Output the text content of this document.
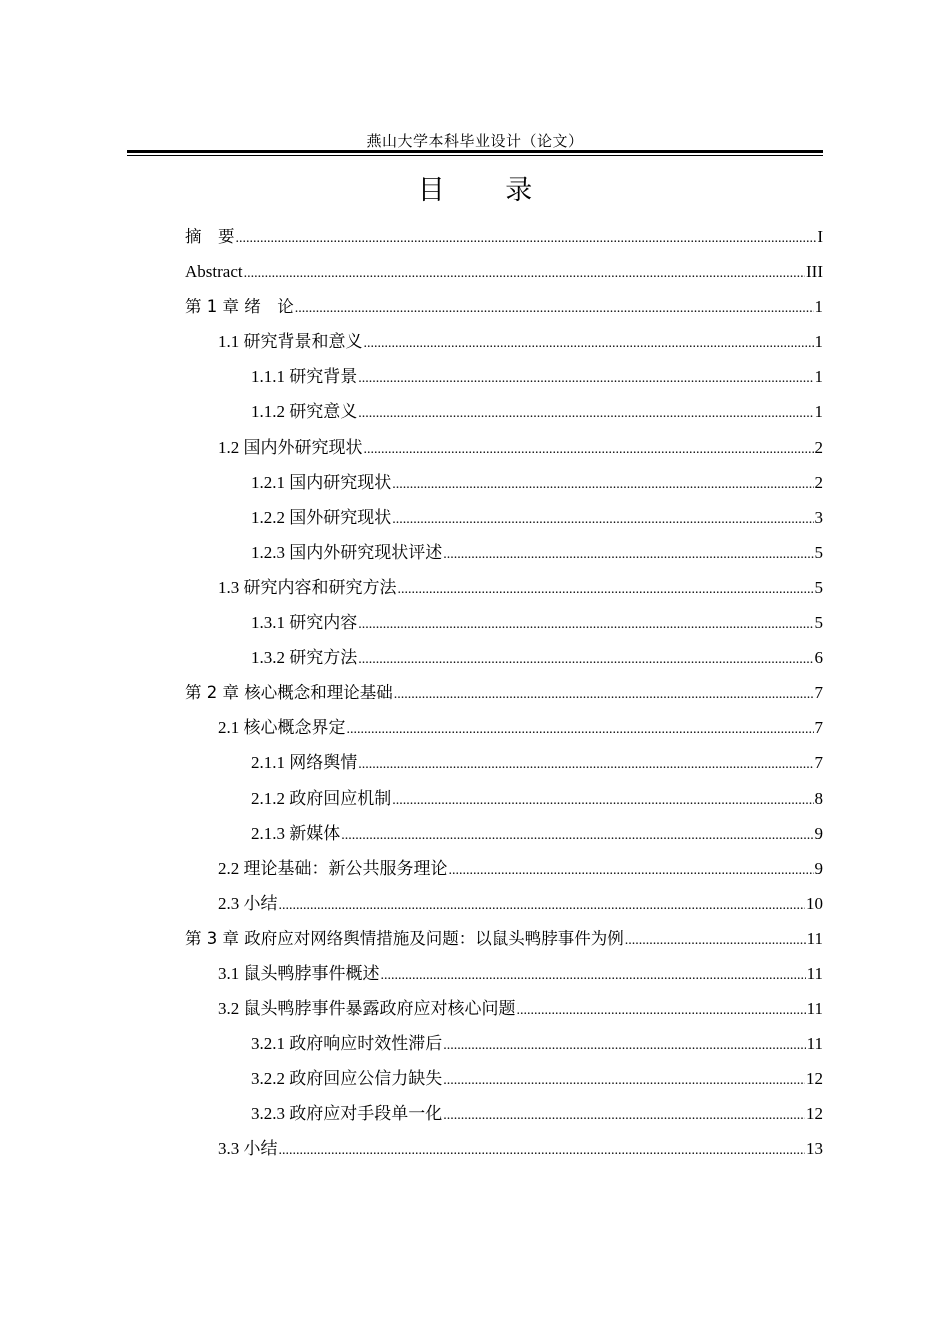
燕山大学本科毕业设计（论文）
目 录
摘　要 .....	I
Abstract .....	III
第 1 章 绪　论 .....	1
1.1 研究背景和意义 .....	1
1.1.1 研究背景 .....	1
1.1.2 研究意义 .....	1
1.2 国内外研究现状 .....	2
1.2.1 国内研究现状 .....	2
1.2.2 国外研究现状 .....	3
1.2.3 国内外研究现状评述 .....	5
1.3 研究内容和研究方法 .....	5
1.3.1 研究内容 .....	5
1.3.2 研究方法 .....	6
第 2 章 核心概念和理论基础 .....	7
2.1 核心概念界定 .....	7
2.1.1 网络舆情 .....	7
2.1.2 政府回应机制 .....	8
2.1.3 新媒体 .....	9
2.2 理论基础：新公共服务理论 .....	9
2.3 小结 .....	10
第 3 章 政府应对网络舆情措施及问题：以鼠头鸭脖事件为例 .....	11
3.1 鼠头鸭脖事件概述 .....	11
3.2 鼠头鸭脖事件暴露政府应对核心问题 .....	11
3.2.1 政府响应时效性滞后 .....	11
3.2.2 政府回应公信力缺失 .....	12
3.2.3 政府应对手段单一化 .....	12
3.3 小结 .....	13
